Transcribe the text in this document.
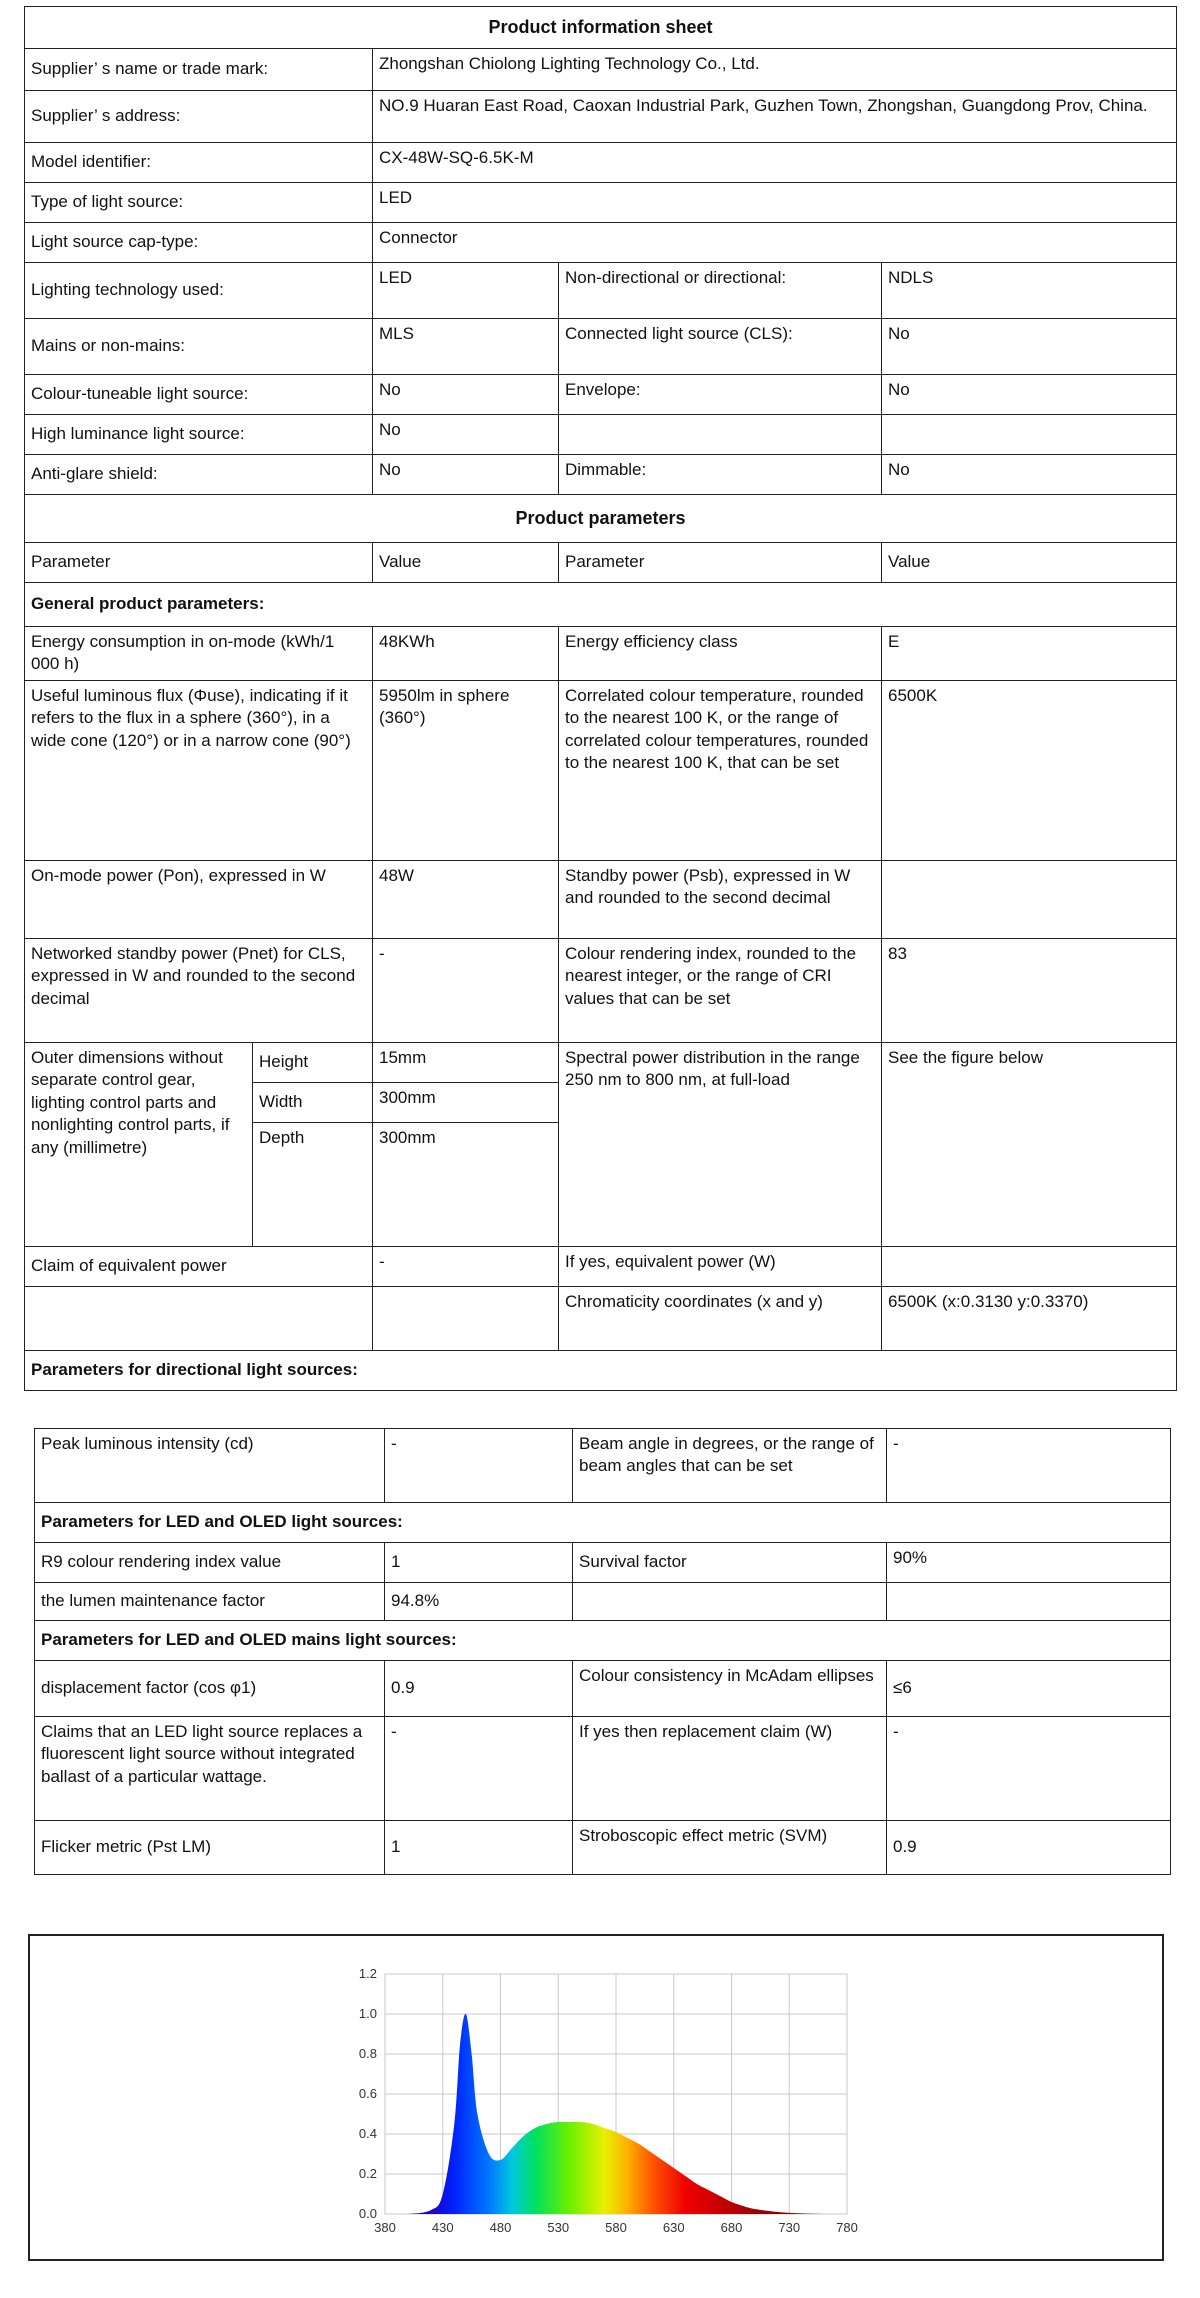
Product information sheet				
Supplier’ s name or trade mark:		Zhongshan Chiolong Lighting Technology Co., Ltd.		
Supplier’ s address:		NO.9 Huaran East Road, Caoxan Industrial Park, Guzhen Town, Zhongshan, Guangdong Prov, China.		
Model identifier:		CX-48W-SQ-6.5K-M		
Type of light source:		LED		
Light source cap-type:		Connector		
Lighting technology used:		LED	Non-directional or directional:	NDLS
Mains or non-mains:		MLS	Connected light source (CLS):	No
Colour-tuneable light source:		No	Envelope:	No
High luminance light source:		No		
Anti-glare shield:		No	Dimmable:	No
Product parameters				
Parameter		Value	Parameter	Value
General product parameters:				
Energy consumption in on-mode (kWh/1 000 h)		48KWh	Energy efficiency class	E
Useful luminous flux (Φuse), indicating if it refers to the flux in a sphere (360°), in a wide cone (120°) or in a narrow cone (90°)		5950lm in sphere (360°)	Correlated colour temperature, rounded to the nearest 100 K, or the range of correlated colour temperatures, rounded to the nearest 100 K, that can be set	6500K
On-mode power (Pon), expressed in W		48W	Standby power (Psb), expressed in W and rounded to the second decimal	
Networked standby power (Pnet) for CLS, expressed in W and rounded to the second decimal		-	Colour rendering index, rounded to the nearest integer, or the range of CRI values that can be set	83
Outer dimensions without separate control gear, lighting control parts and nonlighting control parts, if any (millimetre)	Height	15mm	Spectral power distribution in the range 250 nm to 800 nm, at full-load	See the figure below
	Width	300mm		
	Depth	300mm		
Claim of equivalent power		-	If yes, equivalent power (W)	
			Chromaticity coordinates (x and y)	6500K (x:0.3130 y:0.3370)
Parameters for directional light sources:				
Peak luminous intensity (cd)	-	Beam angle in degrees, or the range of beam angles that can be set	-
Parameters for LED and OLED light sources:			
R9 colour rendering index value	1	Survival factor	90%
the lumen maintenance factor	94.8%		
Parameters for LED and OLED mains light sources:			
displacement factor (cos φ1)	0.9	Colour consistency in McAdam ellipses	≤6
Claims that an LED light source replaces a fluorescent light source without integrated ballast of a particular wattage.	-	If yes then replacement claim (W)	-
Flicker metric (Pst LM)	1	Stroboscopic effect metric (SVM)	0.9
380	430	480	530	580	630	680	730	780
0.0
0.2
0.4
0.6
0.8
1.0
1.2
